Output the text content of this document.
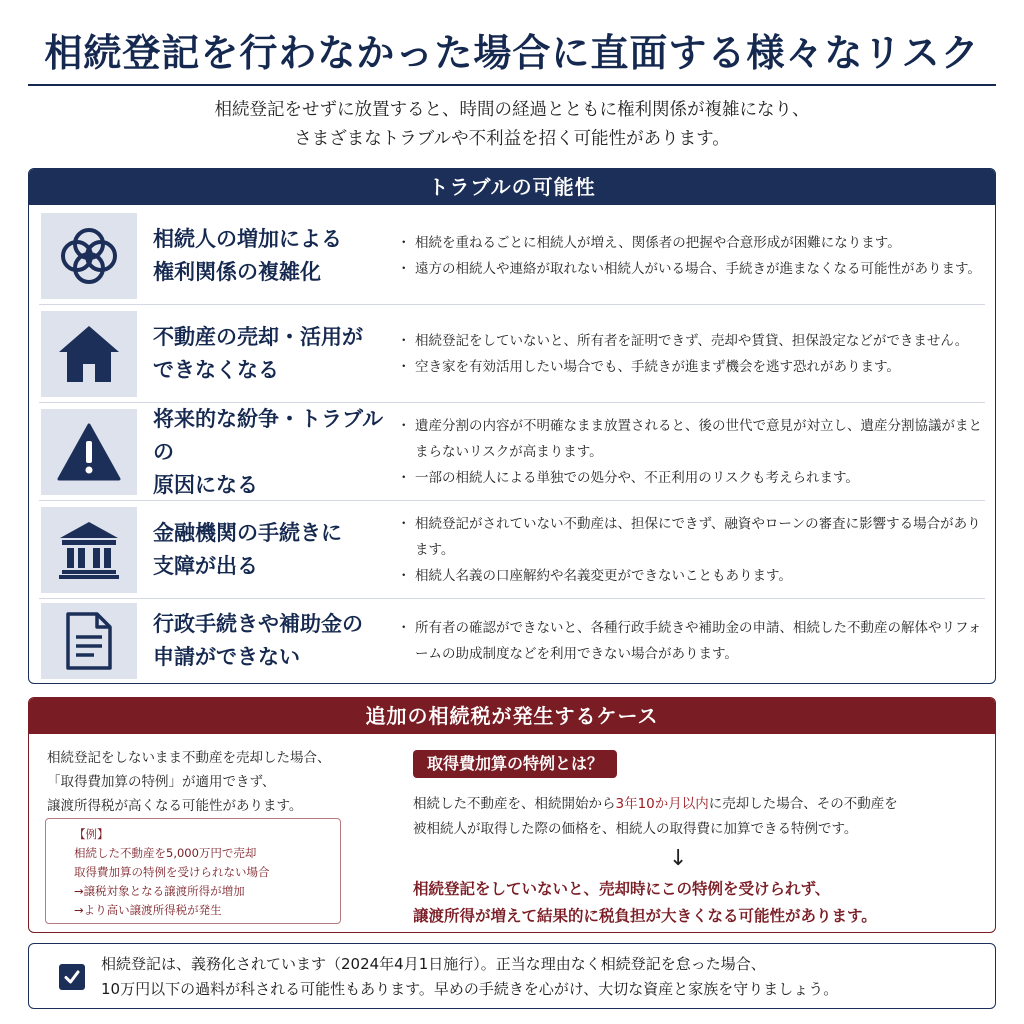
相続登記を行わなかった場合に直面する様々なリスク
相続登記をせずに放置すると、時間の経過とともに権利関係が複雑になり、
さまざまなトラブルや不利益を招く可能性があります。
トラブルの可能性
相続人の増加による
権利関係の複雑化
・ 相続を重ねるごとに相続人が増え、関係者の把握や合意形成が困難になります。
・ 遠方の相続人や連絡が取れない相続人がいる場合、手続きが進まなくなる可能性があります。
不動産の売却・活用が
できなくなる
・ 相続登記をしていないと、所有者を証明できず、売却や賃貸、担保設定などができません。
・ 空き家を有効活用したい場合でも、手続きが進まず機会を逃す恐れがあります。
将来的な紛争・トラブルの
原因になる
・ 遺産分割の内容が不明確なまま放置されると、後の世代で意見が対立し、遺産分割協議がまとまらないリスクが高まります。
・ 一部の相続人による単独での処分や、不正利用のリスクも考えられます。
金融機関の手続きに
支障が出る
・ 相続登記がされていない不動産は、担保にできず、融資やローンの審査に影響する場合があります。
・ 相続人名義の口座解約や名義変更ができないこともあります。
行政手続きや補助金の
申請ができない
・ 所有者の確認ができないと、各種行政手続きや補助金の申請、相続した不動産の解体やリフォームの助成制度などを利用できない場合があります。
追加の相続税が発生するケース
相続登記をしないまま不動産を売却した場合、
「取得費加算の特例」が適用できず、
譲渡所得税が高くなる可能性があります。
【例】
相続した不動産を5,000万円で売却
取得費加算の特例を受けられない場合
→譲税対象となる譲渡所得が増加
→より高い譲渡所得税が発生
取得費加算の特例とは？
相続した不動産を、相続開始から3年10か月以内に売却した場合、その不動産を
被相続人が取得した際の価格を、相続人の取得費に加算できる特例です。
↓
相続登記をしていないと、売却時にこの特例を受けられず、
譲渡所得が増えて結果的に税負担が大きくなる可能性があります。
相続登記は、義務化されています（2024年4月1日施行）。正当な理由なく相続登記を怠った場合、
10万円以下の過料が科される可能性もあります。早めの手続きを心がけ、大切な資産と家族を守りましょう。
